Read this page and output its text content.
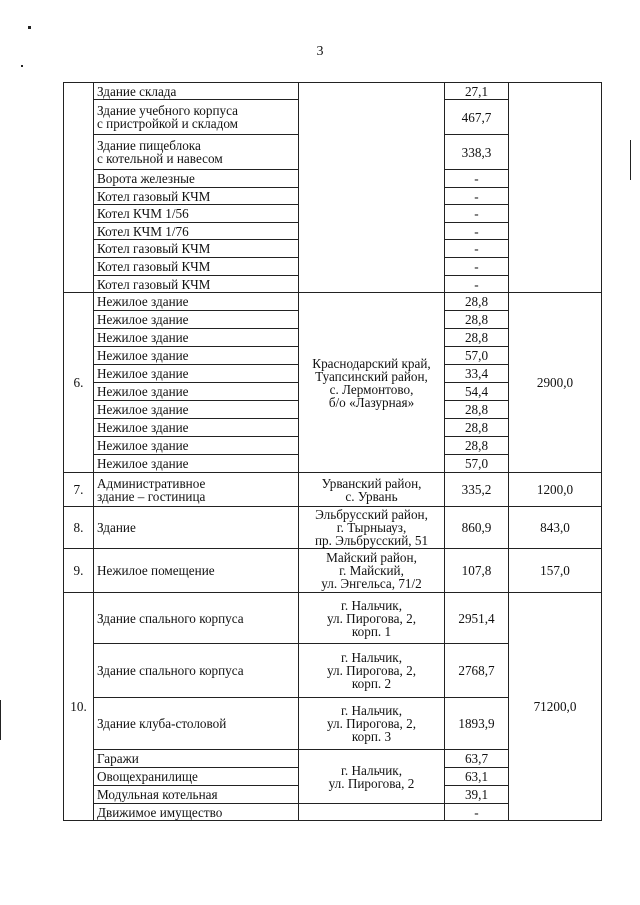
3
	Здание склада		27,1	
	Здание учебного корпуса
с пристройкой и складом		467,7	
	Здание пищеблока
с котельной и навесом		338,3	
	Ворота железные		-	
	Котел газовый КЧМ		-	
	Котел КЧМ 1/56		-	
	Котел КЧМ 1/76		-	
	Котел газовый КЧМ		-	
	Котел газовый КЧМ		-	
	Котел газовый КЧМ		-	
6.	Нежилое здание	Краснодарский край,
Туапсинский район,
с. Лермонтово,
б/о «Лазурная»	28,8	2900,0
	Нежилое здание		28,8	
	Нежилое здание		28,8	
	Нежилое здание		57,0	
	Нежилое здание		33,4	
	Нежилое здание		54,4	
	Нежилое здание		28,8	
	Нежилое здание		28,8	
	Нежилое здание		28,8	
	Нежилое здание		57,0	
7.	Административное
здание – гостиница	Урванский район,
с. Урвань	335,2	1200,0
8.	Здание	Эльбрусский район,
г. Тырныауз,
пр. Эльбрусский, 51	860,9	843,0
9.	Нежилое помещение	Майский район,
г. Майский,
ул. Энгельса, 71/2	107,8	157,0
10.	Здание спального корпуса	г. Нальчик,
ул. Пирогова, 2,
корп. 1	2951,4	71200,0
	Здание спального корпуса	г. Нальчик,
ул. Пирогова, 2,
корп. 2	2768,7	
	Здание клуба-столовой	г. Нальчик,
ул. Пирогова, 2,
корп. 3	1893,9	
	Гаражи	г. Нальчик,
ул. Пирогова, 2	63,7	
	Овощехранилище		63,1	
	Модульная котельная		39,1	
	Движимое имущество		-	
